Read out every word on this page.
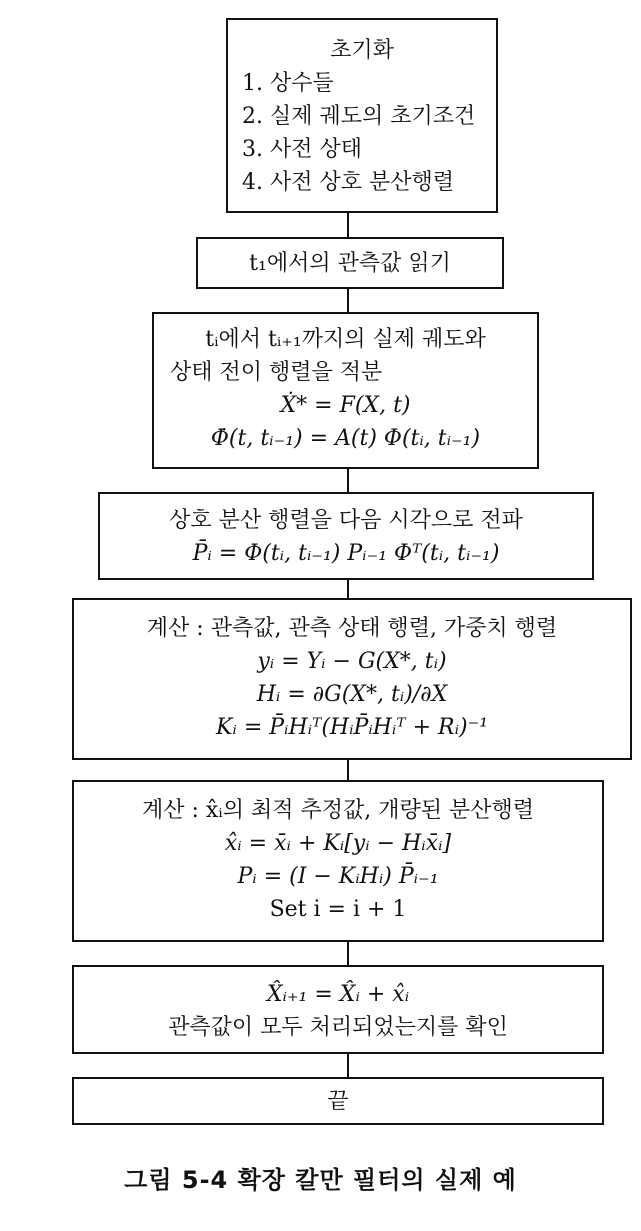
초기화
1. 상수들
2. 실제 궤도의 초기조건
3. 사전 상태
4. 사전 상호 분산행렬
t₁에서의 관측값 읽기
tᵢ에서 tᵢ₊₁까지의 실제 궤도와
상태 전이 행렬을 적분
Ẋ* = F(X, t)
Φ̇(t, tᵢ₋₁) = A(t) Φ(tᵢ, tᵢ₋₁)
상호 분산 행렬을 다음 시각으로 전파
P̄ᵢ = Φ(tᵢ, tᵢ₋₁) Pᵢ₋₁ Φᵀ(tᵢ, tᵢ₋₁)
계산 : 관측값, 관측 상태 행렬, 가중치 행렬
yᵢ = Yᵢ − G(X*, tᵢ)
Hᵢ = ∂G(X*, tᵢ)/∂X
Kᵢ = P̄ᵢHᵢᵀ(HᵢP̄ᵢHᵢᵀ + Rᵢ)⁻¹
계산 : x̂ᵢ의 최적 추정값, 개량된 분산행렬
x̂ᵢ = x̄ᵢ + Kᵢ[yᵢ − Hᵢx̄ᵢ]
Pᵢ = (I − KᵢHᵢ) P̄ᵢ₋₁
Set i = i + 1
X̂ᵢ₊₁ = X̂ᵢ + x̂ᵢ
관측값이 모두 처리되었는지를 확인
끝
그림 5-4 확장 칼만 필터의 실제 예
